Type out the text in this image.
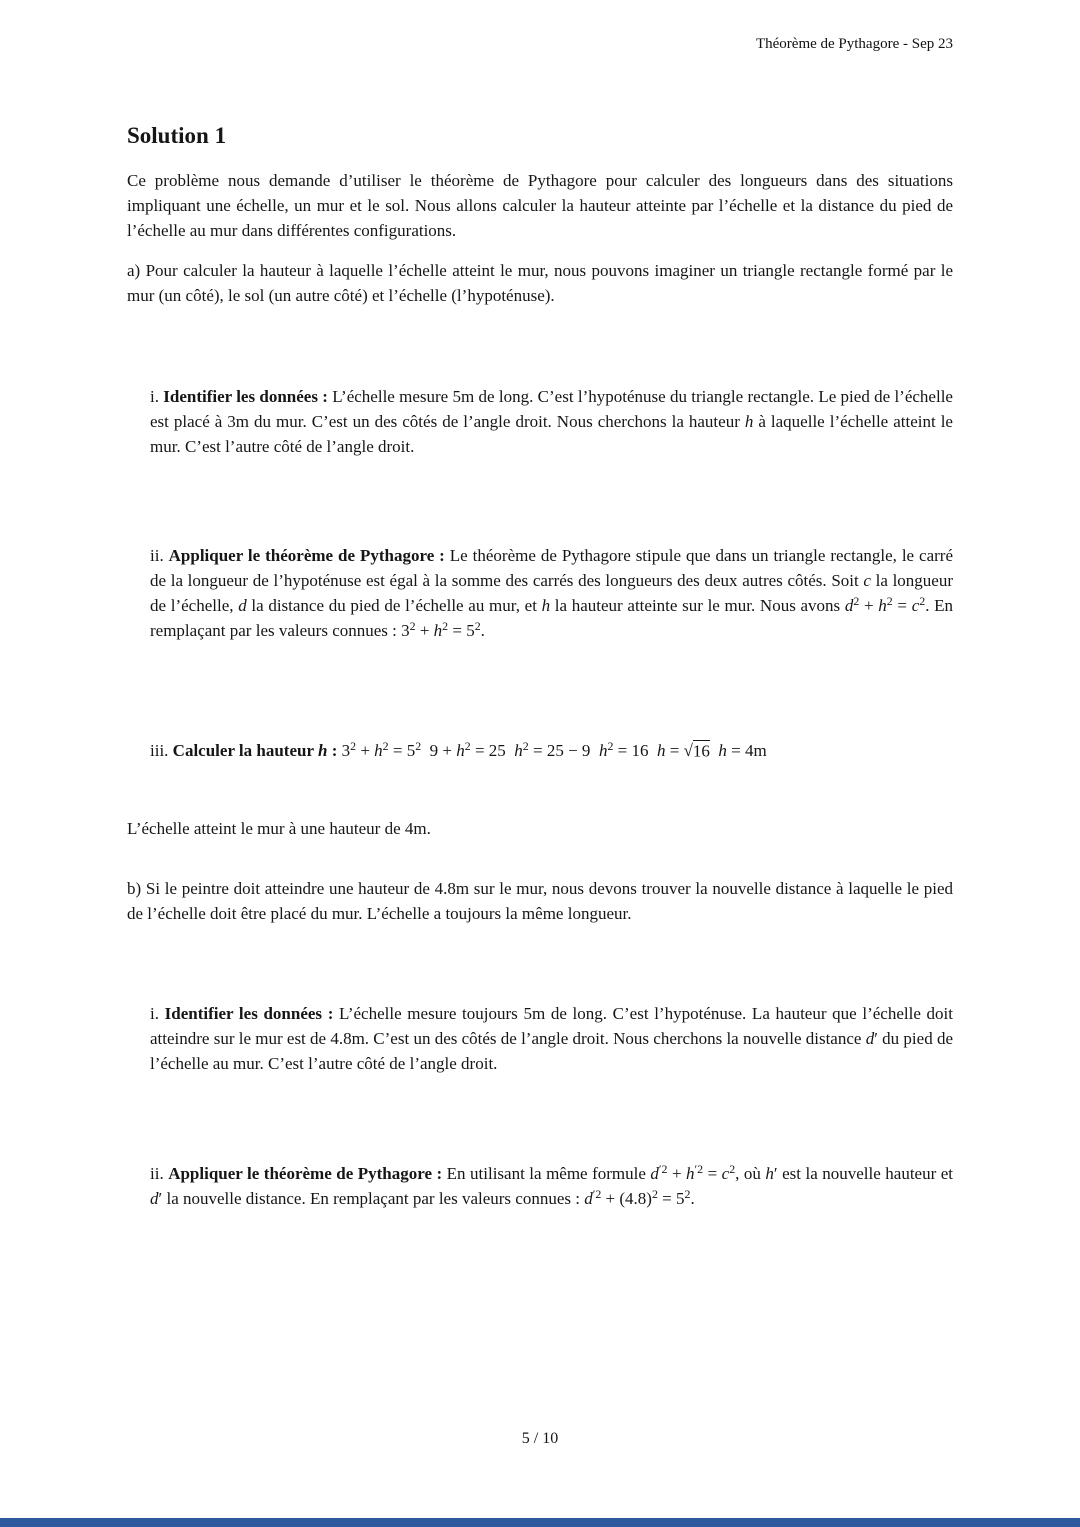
Théorème de Pythagore - Sep 23
Solution 1

Ce problème nous demande d’utiliser le théorème de Pythagore pour calculer des longueurs dans des situations impliquant une échelle, un mur et le sol. Nous allons calculer la hauteur atteinte par l’échelle et la distance du pied de l’échelle au mur dans différentes configurations.

a) Pour calculer la hauteur à laquelle l’échelle atteint le mur, nous pouvons imaginer un triangle rectangle formé par le mur (un côté), le sol (un autre côté) et l’échelle (l’hypoténuse).

i. Identifier les données : L’échelle mesure 5m de long. C’est l’hypoténuse du triangle rectangle. Le pied de l’échelle est placé à 3m du mur. C’est un des côtés de l’angle droit. Nous cherchons la hauteur h à laquelle l’échelle atteint le mur. C’est l’autre côté de l’angle droit.

ii. Appliquer le théorème de Pythagore : Le théorème de Pythagore stipule que dans un triangle rectangle, le carré de la longueur de l’hypoténuse est égal à la somme des carrés des longueurs des deux autres côtés. Soit c la longueur de l’échelle, d la distance du pied de l’échelle au mur, et h la hauteur atteinte sur le mur. Nous avons $d^2 + h^2 = c^2$. En remplaçant par les valeurs connues : $3^2 + h^2 = 5^2$.

iii. Calculer la hauteur h : $3^2 + h^2 = 5^2$  $9 + h^2 = 25$  $h^2 = 25 - 9$  $h^2 = 16$  h = √16  h = 4m

L’échelle atteint le mur à une hauteur de 4m.

b) Si le peintre doit atteindre une hauteur de 4.8m sur le mur, nous devons trouver la nouvelle distance à laquelle le pied de l’échelle doit être placé du mur. L’échelle a toujours la même longueur.

i. Identifier les données : L’échelle mesure toujours 5m de long. C’est l’hypoténuse. La hauteur que l’échelle doit atteindre sur le mur est de 4.8m. C’est un des côtés de l’angle droit. Nous cherchons la nouvelle distance d′ du pied de l’échelle au mur. C’est l’autre côté de l’angle droit.

ii. Appliquer le théorème de Pythagore : En utilisant la même formule $d^{'2} + h^{'2} = c^2$, où h′ est la nouvelle hauteur et d′ la nouvelle distance. En remplaçant par les valeurs connues : $d^{'2} + (4.8)^2 = 5^2$.

5 / 10
